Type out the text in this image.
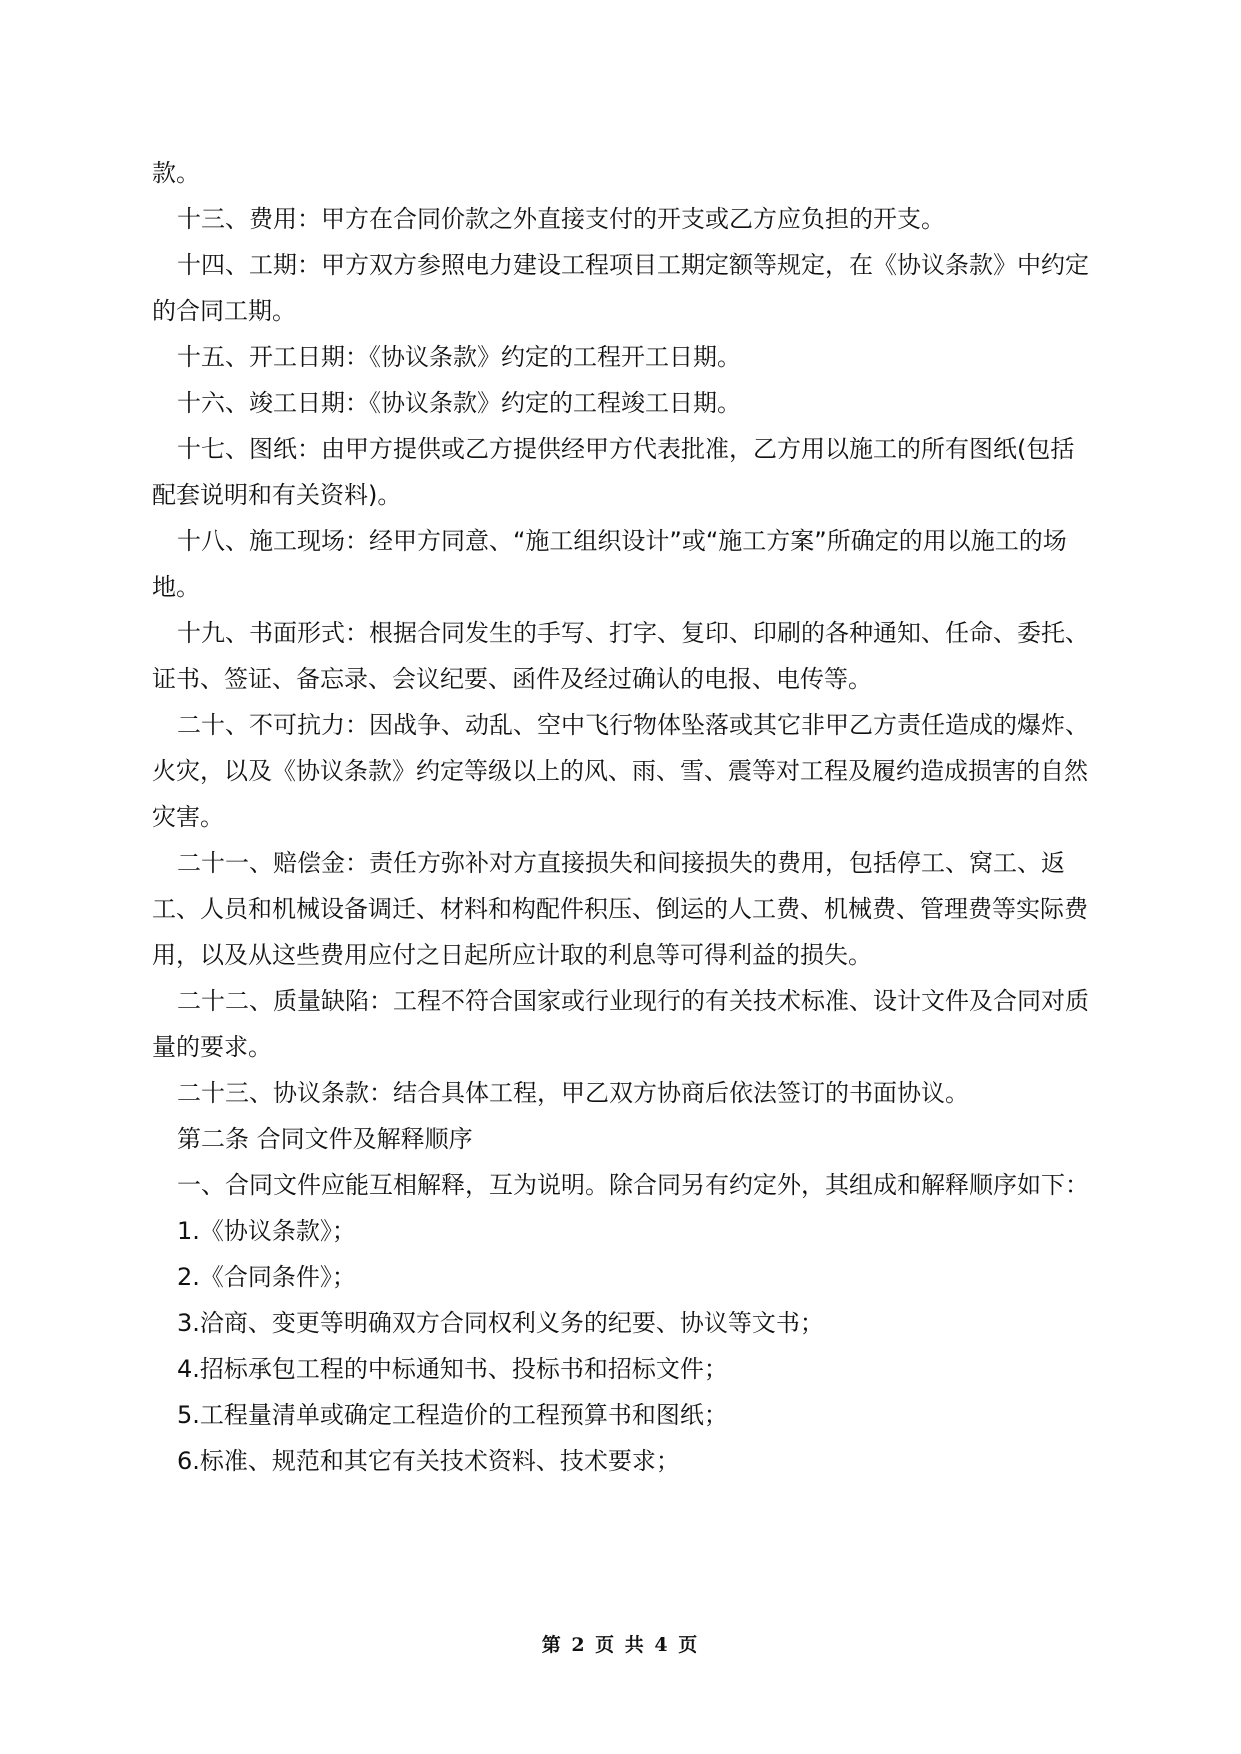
款。

十三、费用：甲方在合同价款之外直接支付的开支或乙方应负担的开支。

十四、工期：甲方双方参照电力建设工程项目工期定额等规定，在《协议条款》中约定的合同工期。

十五、开工日期：《协议条款》约定的工程开工日期。

十六、竣工日期：《协议条款》约定的工程竣工日期。

十七、图纸：由甲方提供或乙方提供经甲方代表批准，乙方用以施工的所有图纸(包括配套说明和有关资料)。

十八、施工现场：经甲方同意、“施工组织设计”或“施工方案”所确定的用以施工的场地。

十九、书面形式：根据合同发生的手写、打字、复印、印刷的各种通知、任命、委托、证书、签证、备忘录、会议纪要、函件及经过确认的电报、电传等。

二十、不可抗力：因战争、动乱、空中飞行物体坠落或其它非甲乙方责任造成的爆炸、火灾，以及《协议条款》约定等级以上的风、雨、雪、震等对工程及履约造成损害的自然灾害。

二十一、赔偿金：责任方弥补对方直接损失和间接损失的费用，包括停工、窝工、返工、人员和机械设备调迁、材料和构配件积压、倒运的人工费、机械费、管理费等实际费用，以及从这些费用应付之日起所应计取的利息等可得利益的损失。

二十二、质量缺陷：工程不符合国家或行业现行的有关技术标准、设计文件及合同对质量的要求。

二十三、协议条款：结合具体工程，甲乙双方协商后依法签订的书面协议。

第二条 合同文件及解释顺序

一、合同文件应能互相解释，互为说明。除合同另有约定外，其组成和解释顺序如下：

1.《协议条款》；

2.《合同条件》；

3.洽商、变更等明确双方合同权利义务的纪要、协议等文书；

4.招标承包工程的中标通知书、投标书和招标文件；

5.工程量清单或确定工程造价的工程预算书和图纸；

6.标准、规范和其它有关技术资料、技术要求；

第 2 页 共 4 页
